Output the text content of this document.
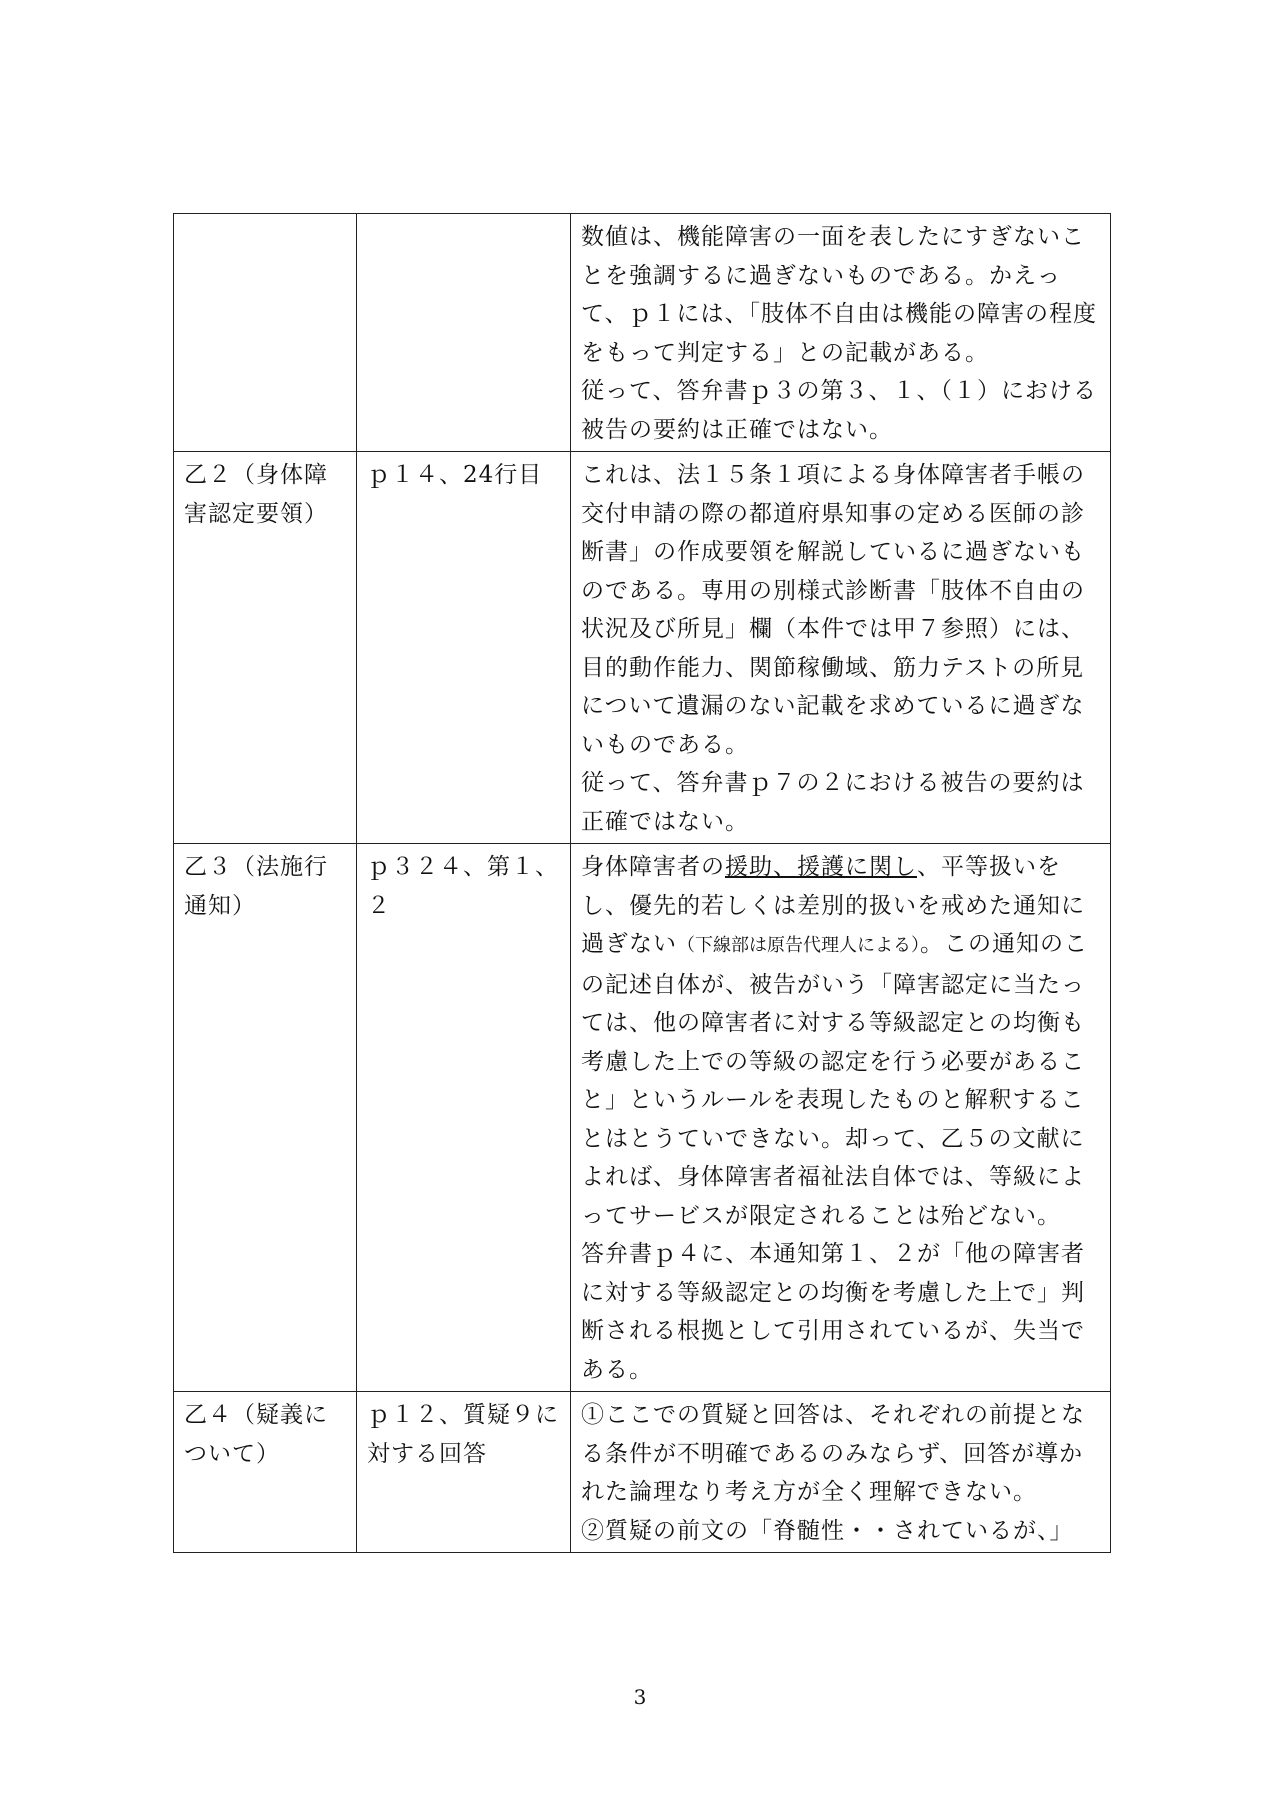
		数値は、機能障害の一面を表したにすぎないことを強調するに過ぎないものである。かえって、ｐ１には、「肢体不自由は機能の障害の程度をもって判定する」との記載がある。
従って、答弁書ｐ３の第３、１、（１）における被告の要約は正確ではない。

乙２（身体障害認定要領）	ｐ１４、24行目	これは、法１５条１項による身体障害者手帳の交付申請の際の都道府県知事の定める医師の診断書」の作成要領を解説しているに過ぎないものである。専用の別様式診断書「肢体不自由の状況及び所見」欄（本件では甲７参照）には、目的動作能力、関節稼働域、筋力テストの所見について遺漏のない記載を求めているに過ぎないものである。
従って、答弁書ｐ７の２における被告の要約は正確ではない。

乙３（法施行通知）	ｐ３２４、第１、２	身体障害者の援助、援護に関し、平等扱いをし、優先的若しくは差別的扱いを戒めた通知に過ぎない（下線部は原告代理人による）。この通知のこの記述自体が、被告がいう「障害認定に当たっては、他の障害者に対する等級認定との均衡も考慮した上での等級の認定を行う必要があること」というルールを表現したものと解釈することはとうていできない。却って、乙５の文献によれば、身体障害者福祉法自体では、等級によってサービスが限定されることは殆どない。
答弁書ｐ４に、本通知第１、２が「他の障害者に対する等級認定との均衡を考慮した上で」判断される根拠として引用されているが、失当である。

乙４（疑義について）	ｐ１２、質疑９に対する回答	①ここでの質疑と回答は、それぞれの前提となる条件が不明確であるのみならず、回答が導かれた論理なり考え方が全く理解できない。
②質疑の前文の「脊髄性・・されているが、」
3
